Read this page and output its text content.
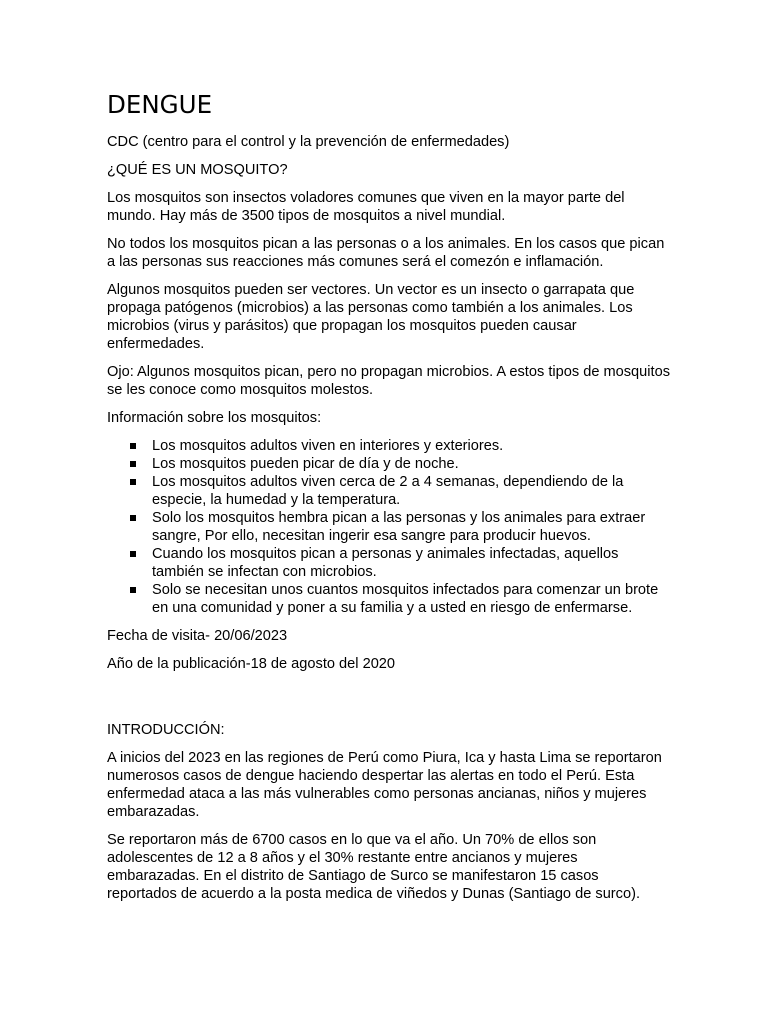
DENGUE

CDC (centro para el control y la prevención de enfermedades)

¿QUÉ ES UN MOSQUITO?

Los mosquitos son insectos voladores comunes que viven en la mayor parte del mundo. Hay más de 3500 tipos de mosquitos a nivel mundial.

No todos los mosquitos pican a las personas o a los animales. En los casos que pican a las personas sus reacciones más comunes será el comezón e inflamación.

Algunos mosquitos pueden ser vectores. Un vector es un insecto o garrapata que propaga patógenos (microbios) a las personas como también a los animales. Los microbios (virus y parásitos) que propagan los mosquitos pueden causar enfermedades.

Ojo: Algunos mosquitos pican, pero no propagan microbios. A estos tipos de mosquitos se les conoce como mosquitos molestos.

Información sobre los mosquitos:

Los mosquitos adultos viven en interiores y exteriores.
Los mosquitos pueden picar de día y de noche.
Los mosquitos adultos viven cerca de 2 a 4 semanas, dependiendo de la especie, la humedad y la temperatura.
Solo los mosquitos hembra pican a las personas y los animales para extraer sangre, Por ello, necesitan ingerir esa sangre para producir huevos.
Cuando los mosquitos pican a personas y animales infectadas, aquellos también se infectan con microbios.
Solo se necesitan unos cuantos mosquitos infectados para comenzar un brote en una comunidad y poner a su familia y a usted en riesgo de enfermarse.

Fecha de visita- 20/06/2023

Año de la publicación-18 de agosto del 2020

INTRODUCCIÓN:

A inicios del 2023 en las regiones de Perú como Piura, Ica y hasta Lima se reportaron numerosos casos de dengue haciendo despertar las alertas en todo el Perú. Esta enfermedad ataca a las más vulnerables como personas ancianas, niños y mujeres embarazadas.

Se reportaron más de 6700 casos en lo que va el año. Un 70% de ellos son adolescentes de 12 a 8 años y el 30% restante entre ancianos y mujeres embarazadas. En el distrito de Santiago de Surco se manifestaron 15 casos reportados de acuerdo a la posta medica de viñedos y Dunas (Santiago de surco).
